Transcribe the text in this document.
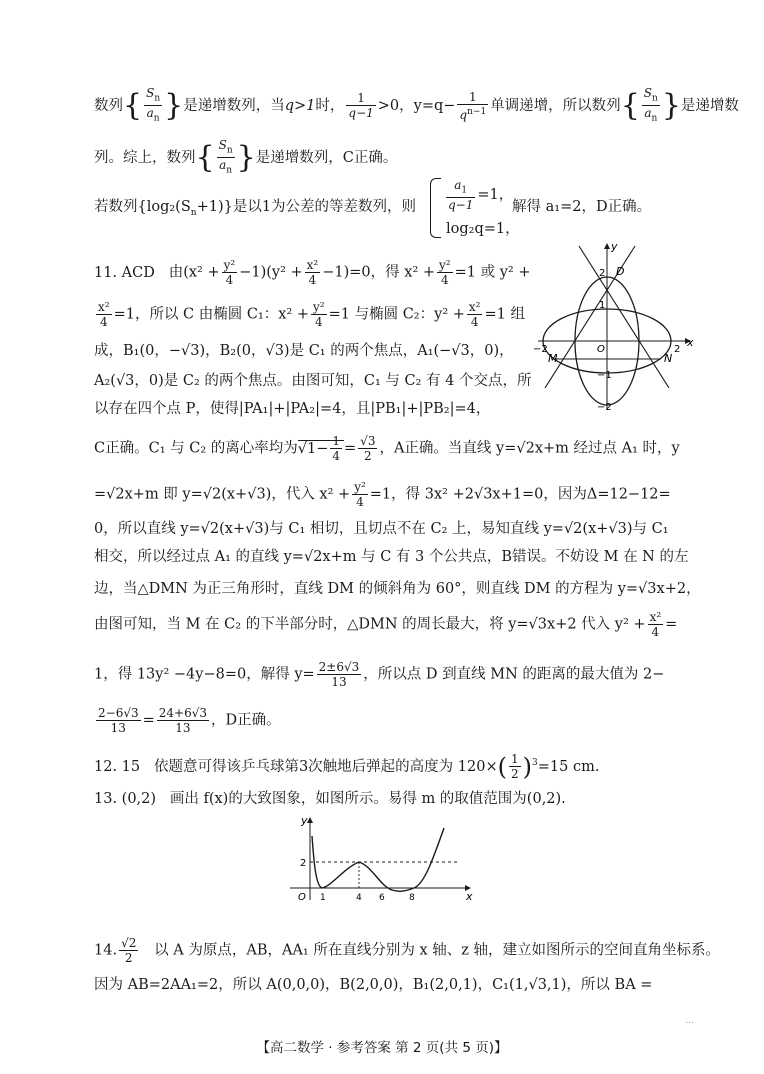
数列{ $\frac{S_n}{a_n}$ }是递增数列，当q>1时， $\frac{1}{q-1} >0$，$y=q- \frac{1}{q^{n-1}}$ 单调递增，所以数列{ $\frac{S_n}{a_n}$ }是递增数
列。综上，数列{ $\frac{S_n}{a_n}$ }是递增数列，C正确。
若数列$\{\log_2(S_n+1)\}$是以1为公差的等差数列，则 $\frac{a_1}{q-1} =1$，
log₂q=1，
解得 a₁=2，D正确。
11. ACD 由$(x^2 + \frac{\text{y²}}{4} -1)(y^2 + \frac{\text{x²}}{4} -1)=0$，得 $x^2 + \frac{\text{y²}}{4} =1$ 或 y² +
$\frac{\text{x²}}{4} =1$，所以 C 由椭圆 C₁：$x^2 + \frac{\text{y²}}{4} =1$ 与椭圆 C₂：$y^2 + \frac{\text{x²}}{4} =1$ 组
成，B₁(0，−√3)，B₂(0，√3)是 C₁ 的两个焦点，A₁(−√3，0)，
A₂(√3，0)是 C₂ 的两个焦点。由图可知，C₁ 与 C₂ 有 4 个交点，所
以存在四个点 P，使得|PA₁|+|PA₂|=4，且|PB₁|+|PB₂|=4，
C正确。C₁ 与 C₂ 的离心率均为$√1- \frac{1}{4} = \frac{√3}{2}$ ，A正确。当直线 y=√2x+m 经过点 A₁ 时，y
=√2x+m 即 y=√2(x+√3)，代入 $x^2 + \frac{\text{y²}}{4} =1$，得 3x² +2√3x+1=0，因为Δ=12−12=
0，所以直线 y=√2(x+√3)与 C₁ 相切，且切点不在 C₂ 上，易知直线 y=√2(x+√3)与 C₁
相交，所以经过点 A₁ 的直线 y=√2x+m 与 C 有 3 个公共点，B错误。不妨设 M 在 N 的左
边，当△DMN 为正三角形时，直线 DM 的倾斜角为 60°，则直线 DM 的方程为 y=√3x+2，
由图可知，当 M 在 C₂ 的下半部分时，△DMN 的周长最大，将 y=√3x+2 代入 $y^2 + \frac{\text{x²}}{4}$ =
1，得 13y² −4y−8=0，解得 $y= \frac{2\pm 6√3}{13}$ ，所以点 D 到直线 MN 的距离的最大值为 2−
$\frac{2-6√3}{13} = \frac{24+6√3}{13}$ ，D正确。
y
2 D
1
−2	O	2
x
M	N
−1
−2
12. 15 依题意可得该乒乓球第3次触地后弹起的高度为 $120\times( \frac{1}{2} )^3=15$ cm.
13. (0,2) 画出 f(x)的大致图象，如图所示。易得 m 的取值范围为(0,2).
y
2
O 1	4 6	8	x
14. $\frac{√2}{2}$ 以 A 为原点，AB，AA₁ 所在直线分别为 x 轴、z 轴，建立如图所示的空间直角坐标系。
因为 AB=2AA₁=2，所以 A(0,0,0)，B(2,0,0)，B₁(2,0,1)，C₁(1,√3,1)，所以 BA =
...
【高二数学 · 参考答案 第 2 页(共 5 页)】
